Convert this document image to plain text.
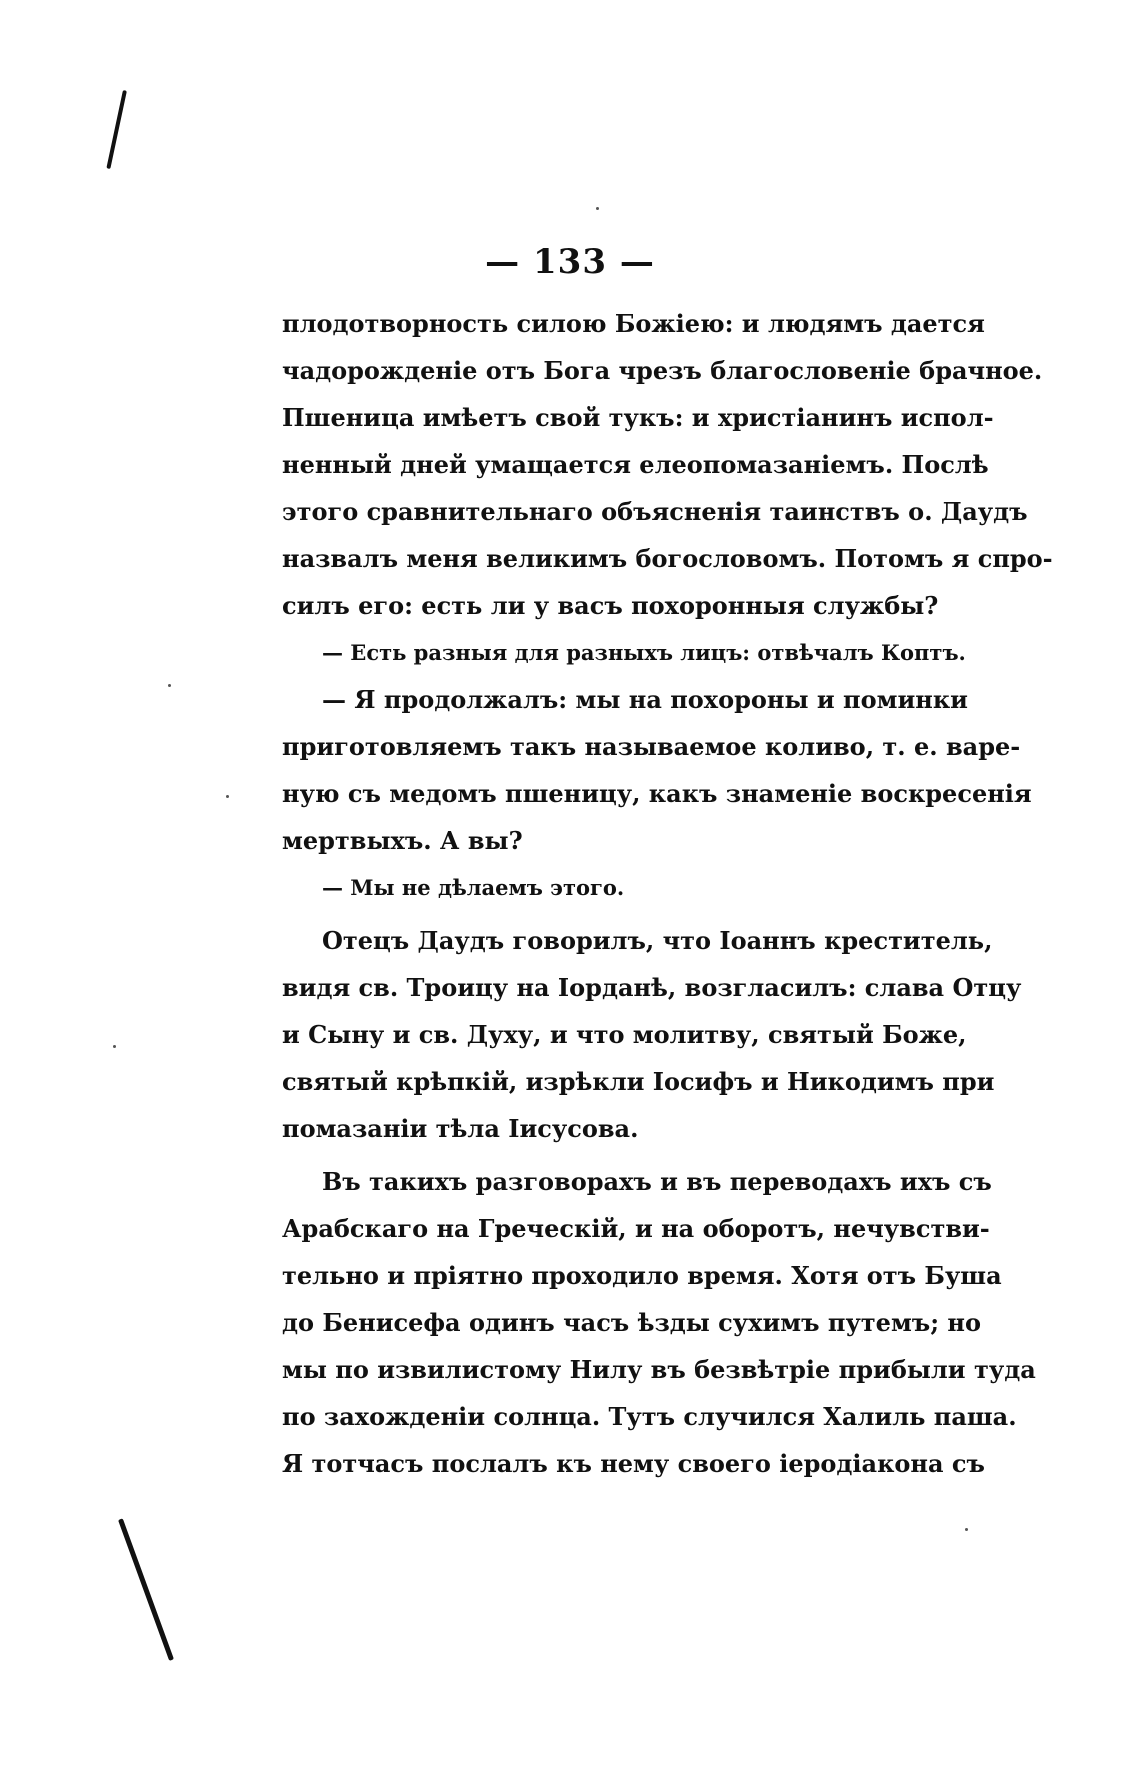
— 133 —
плодотворность силою Божіею: и людямъ дается
чадорожденіе отъ Бога чрезъ благословеніе брачное.
Пшеница имѣетъ свой тукъ: и христіанинъ испол-
ненный дней умащается елеопомазаніемъ. Послѣ
этого сравнительнаго объясненія таинствъ о. Даудъ
назвалъ меня великимъ богословомъ. Потомъ я спро-
силъ его: есть ли у васъ похоронныя службы?
— Есть разныя для разныхъ лицъ: отвѣчалъ Коптъ.
— Я продолжалъ: мы на похороны и поминки
приготовляемъ такъ называемое коливо, т. е. варе-
ную съ медомъ пшеницу, какъ знаменіе воскресенія
мертвыхъ. А вы?
— Мы не дѣлаемъ этого.
Отецъ Даудъ говорилъ, что Іоаннъ креститель,
видя св. Троицу на Іорданѣ, возгласилъ: слава Отцу
и Сыну и св. Духу, и что молитву, святый Боже,
святый крѣпкій, изрѣкли Іосифъ и Никодимъ при
помазаніи тѣла Іисусова.
Въ такихъ разговорахъ и въ переводахъ ихъ съ
Арабскаго на Греческій, и на оборотъ, нечувстви-
тельно и пріятно проходило время. Хотя отъ Буша
до Бенисефа одинъ часъ ѣзды сухимъ путемъ; но
мы по извилистому Нилу въ безвѣтріе прибыли туда
по захожденіи солнца. Тутъ случился Халиль паша.
Я тотчасъ послалъ къ нему своего іеродіакона съ
